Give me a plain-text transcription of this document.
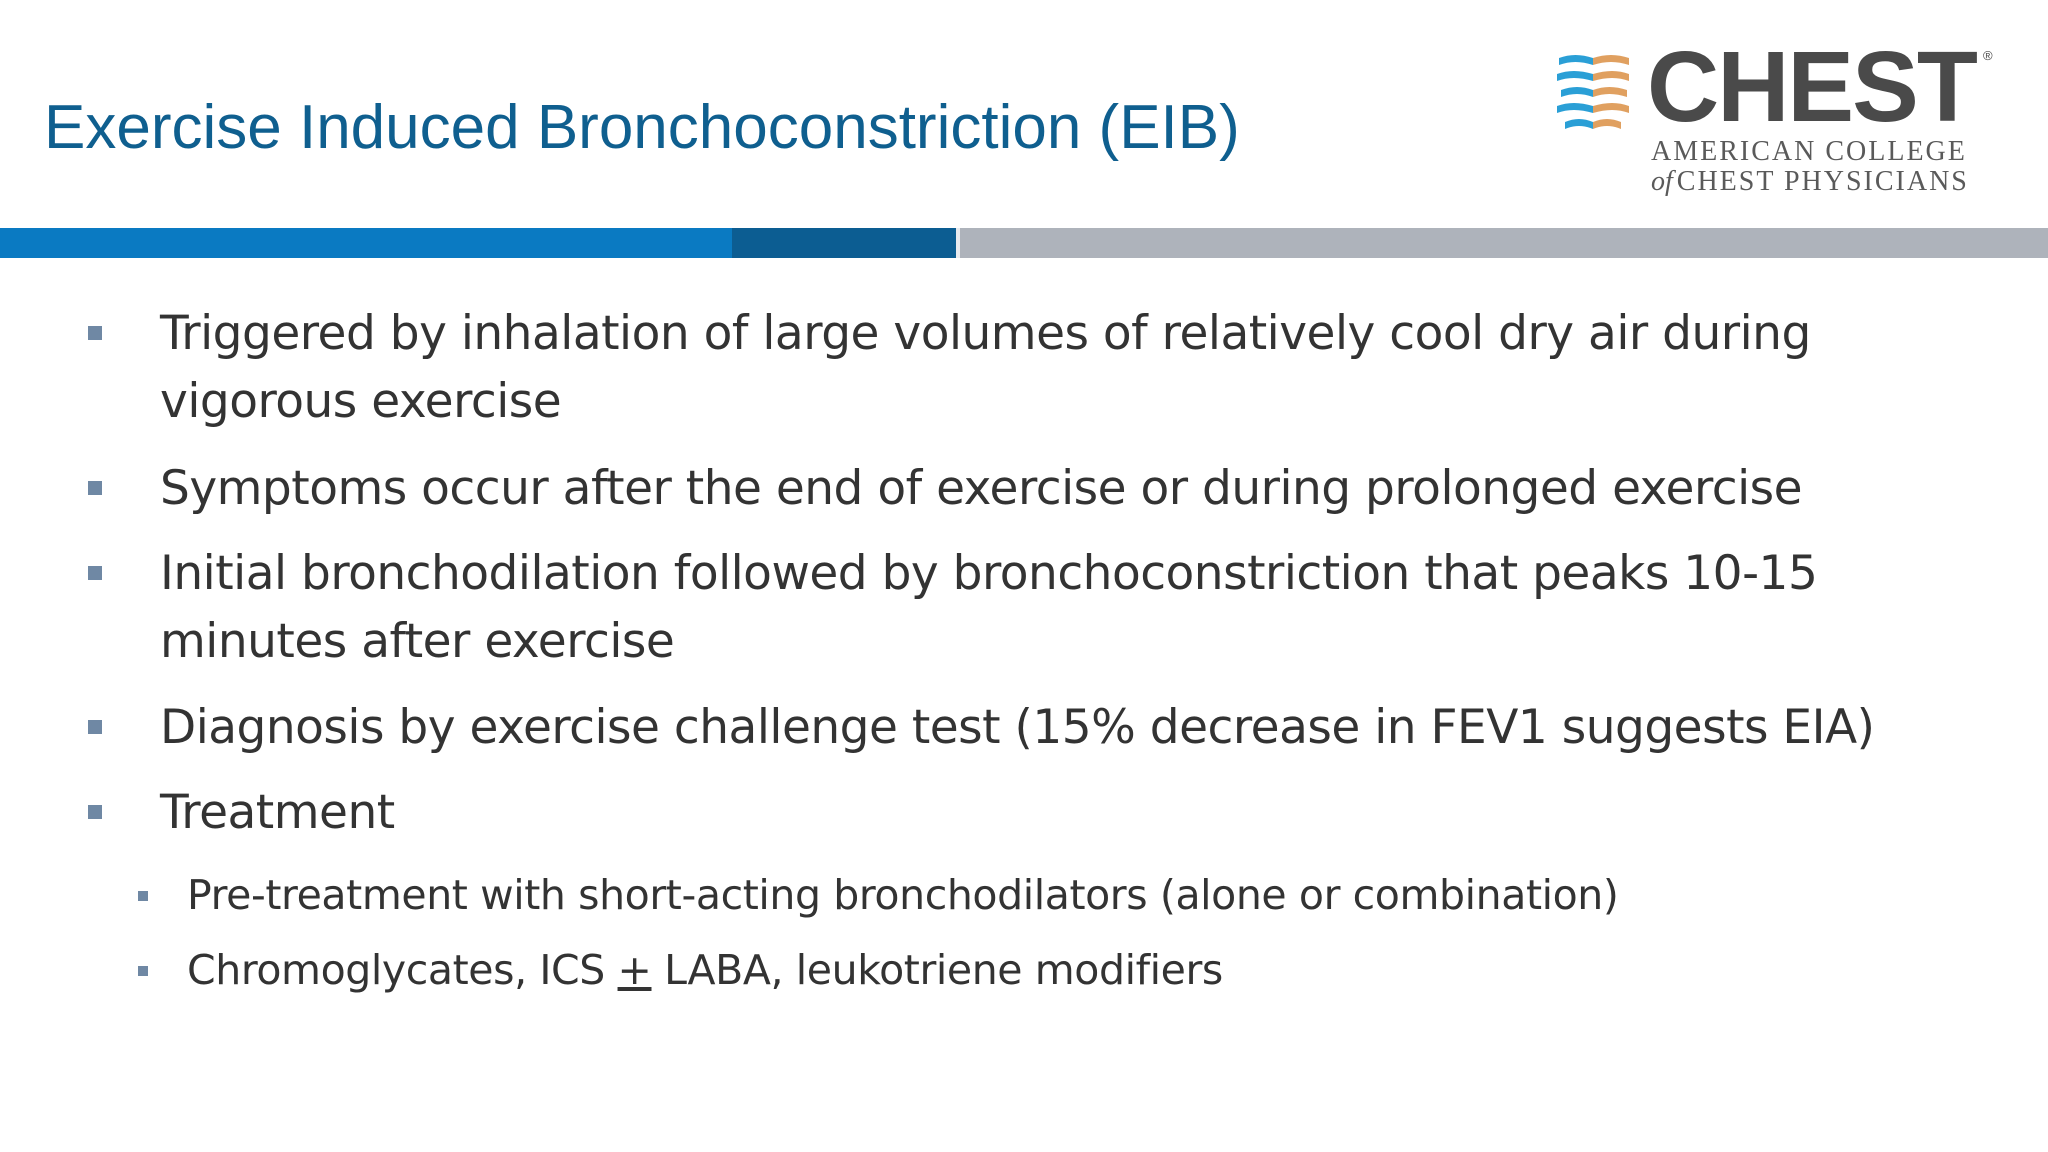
Exercise Induced Bronchoconstriction (EIB)	CHEST ®
AMERICAN COLLEGE
of CHEST PHYSICIANS
Triggered by inhalation of large volumes of relatively cool dry air during
vigorous exercise
Symptoms occur after the end of exercise or during prolonged exercise
Initial bronchodilation followed by bronchoconstriction that peaks 10-15
minutes after exercise
Diagnosis by exercise challenge test (15% decrease in FEV1 suggests EIA)
Treatment
Pre-treatment with short-acting bronchodilators (alone or combination)
Chromoglycates, ICS + LABA, leukotriene modifiers
